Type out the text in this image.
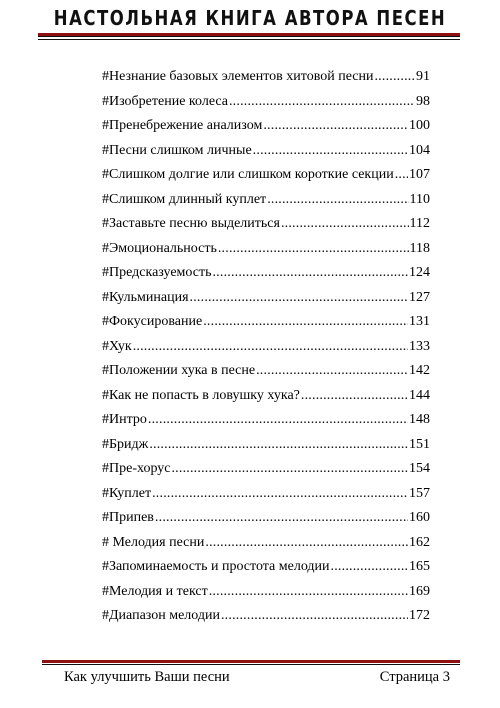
НАСТОЛЬНАЯ КНИГА АВТОРА ПЕСЕН
#Незнание базовых элементов хитовой песни .....	91
#Изобретение колеса .....	98
#Пренебрежение анализом .....	100
#Песни слишком личные .....	104
#Слишком долгие или слишком короткие секции ..... 107
#Слишком длинный куплет .....	110
#Заставьте песню выделиться .....	112
#Эмоциональность .....	118
#Предсказуемость .....	124
#Кульминация .....	127
#Фокусирование .....	131
#Хук .....	133
#Положении хука в песне .....	142
#Как не попасть в ловушку хука? .....	144
#Интро .....	148
#Бридж .....	151
#Пре-хорус .....	154
#Куплет .....	157
#Припев .....	160
# Мелодия песни .....	162
#Запоминаемость и простота мелодии .....	165
#Мелодия и текст .....	169
#Диапазон мелодии .....	172
Как улучшить Ваши песни	Страница 3
